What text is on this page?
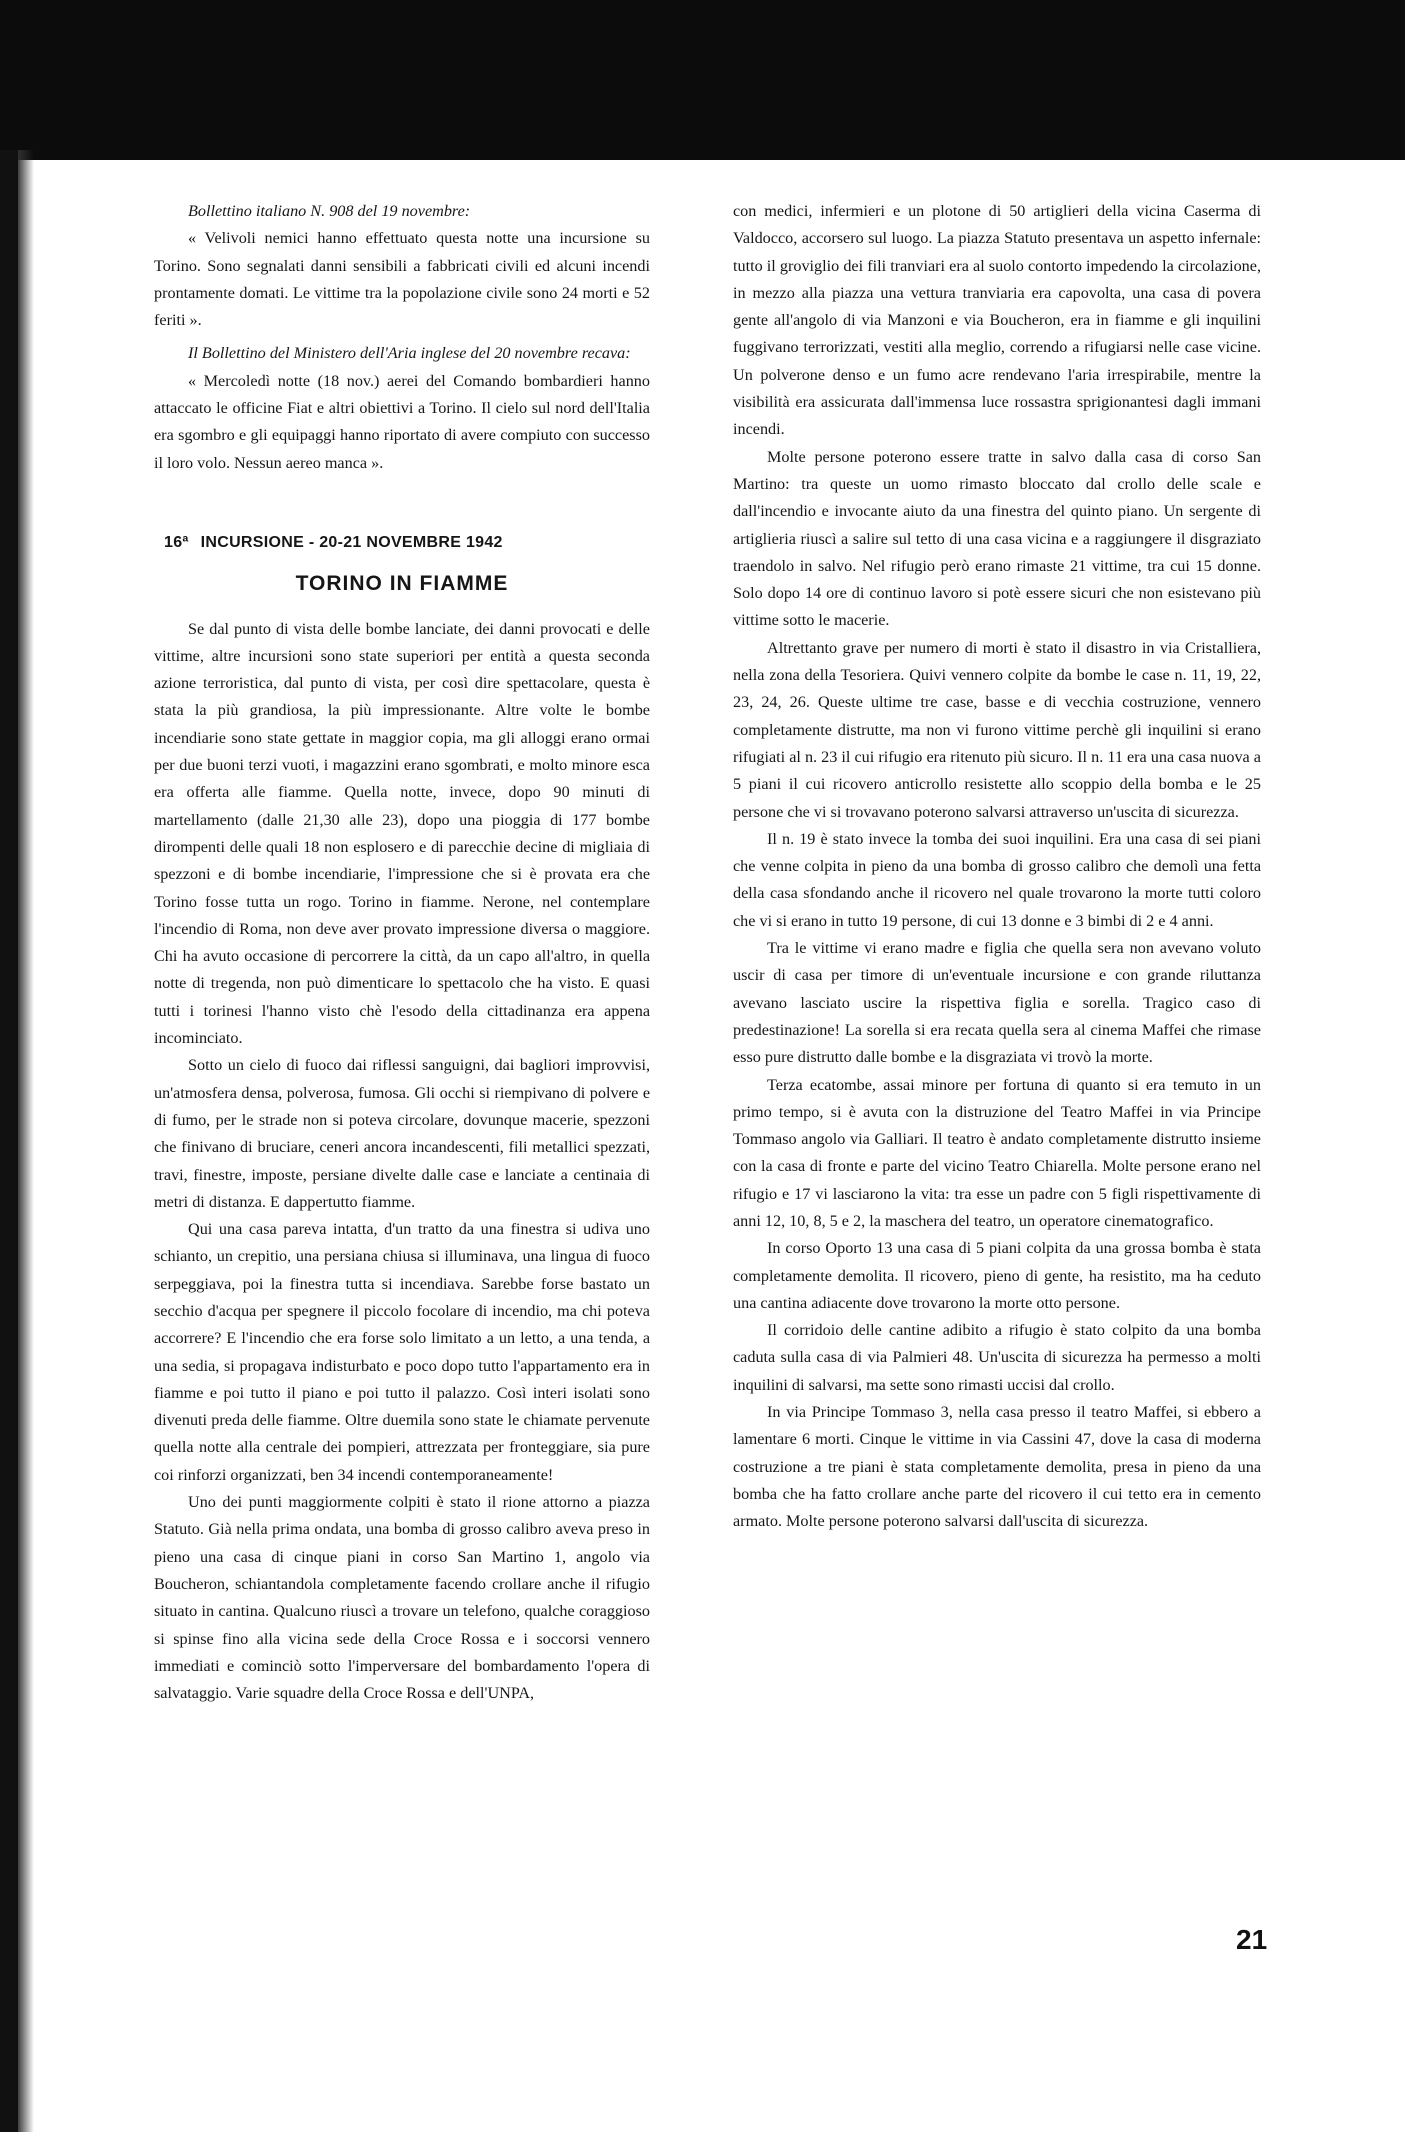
Bollettino italiano N. 908 del 19 novembre:

« Velivoli nemici hanno effettuato questa notte una incursione su Torino. Sono segnalati danni sensibili a fabbricati civili ed alcuni incendi prontamente domati. Le vittime tra la popolazione civile sono 24 morti e 52 feriti ».

Il Bollettino del Ministero dell'Aria inglese del 20 novembre recava:

« Mercoledì notte (18 nov.) aerei del Comando bombardieri hanno attaccato le officine Fiat e altri obiettivi a Torino. Il cielo sul nord dell'Italia era sgombro e gli equipaggi hanno riportato di avere compiuto con successo il loro volo. Nessun aereo manca ».

16ª INCURSIONE - 20-21 NOVEMBRE 1942
TORINO IN FIAMME

Se dal punto di vista delle bombe lanciate, dei danni provocati e delle vittime, altre incursioni sono state superiori per entità a questa seconda azione terroristica, dal punto di vista, per così dire spettacolare, questa è stata la più grandiosa, la più impressionante. Altre volte le bombe incendiarie sono state gettate in maggior copia, ma gli alloggi erano ormai per due buoni terzi vuoti, i magazzini erano sgombrati, e molto minore esca era offerta alle fiamme. Quella notte, invece, dopo 90 minuti di martellamento (dalle 21,30 alle 23), dopo una pioggia di 177 bombe dirompenti delle quali 18 non esplosero e di parecchie decine di migliaia di spezzoni e di bombe incendiarie, l'impressione che si è provata era che Torino fosse tutta un rogo. Torino in fiamme. Nerone, nel contemplare l'incendio di Roma, non deve aver provato impressione diversa o maggiore. Chi ha avuto occasione di percorrere la città, da un capo all'altro, in quella notte di tregenda, non può dimenticare lo spettacolo che ha visto. E quasi tutti i torinesi l'hanno visto chè l'esodo della cittadinanza era appena incominciato.

Sotto un cielo di fuoco dai riflessi sanguigni, dai bagliori improvvisi, un'atmosfera densa, polverosa, fumosa. Gli occhi si riempivano di polvere e di fumo, per le strade non si poteva circolare, dovunque macerie, spezzoni che finivano di bruciare, ceneri ancora incandescenti, fili metallici spezzati, travi, finestre, imposte, persiane divelte dalle case e lanciate a centinaia di metri di distanza. E dappertutto fiamme.

Qui una casa pareva intatta, d'un tratto da una finestra si udiva uno schianto, un crepitio, una persiana chiusa si illuminava, una lingua di fuoco serpeggiava, poi la finestra tutta si incendiava. Sarebbe forse bastato un secchio d'acqua per spegnere il piccolo focolare di incendio, ma chi poteva accorrere? E l'incendio che era forse solo limitato a un letto, a una tenda, a una sedia, si propagava indisturbato e poco dopo tutto l'appartamento era in fiamme e poi tutto il piano e poi tutto il palazzo. Così interi isolati sono divenuti preda delle fiamme. Oltre duemila sono state le chiamate pervenute quella notte alla centrale dei pompieri, attrezzata per fronteggiare, sia pure coi rinforzi organizzati, ben 34 incendi contemporaneamente!

Uno dei punti maggiormente colpiti è stato il rione attorno a piazza Statuto. Già nella prima ondata, una bomba di grosso calibro aveva preso in pieno una casa di cinque piani in corso San Martino 1, angolo via Boucheron, schiantandola completamente facendo crollare anche il rifugio situato in cantina. Qualcuno riuscì a trovare un telefono, qualche coraggioso si spinse fino alla vicina sede della Croce Rossa e i soccorsi vennero immediati e cominciò sotto l'imperversare del bombardamento l'opera di salvataggio. Varie squadre della Croce Rossa e dell'UNPA,

con medici, infermieri e un plotone di 50 artiglieri della vicina Caserma di Valdocco, accorsero sul luogo. La piazza Statuto presentava un aspetto infernale: tutto il groviglio dei fili tranviari era al suolo contorto impedendo la circolazione, in mezzo alla piazza una vettura tranviaria era capovolta, una casa di povera gente all'angolo di via Manzoni e via Boucheron, era in fiamme e gli inquilini fuggivano terrorizzati, vestiti alla meglio, correndo a rifugiarsi nelle case vicine. Un polverone denso e un fumo acre rendevano l'aria irrespirabile, mentre la visibilità era assicurata dall'immensa luce rossastra sprigionantesi dagli immani incendi.

Molte persone poterono essere tratte in salvo dalla casa di corso San Martino: tra queste un uomo rimasto bloccato dal crollo delle scale e dall'incendio e invocante aiuto da una finestra del quinto piano. Un sergente di artiglieria riuscì a salire sul tetto di una casa vicina e a raggiungere il disgraziato traendolo in salvo. Nel rifugio però erano rimaste 21 vittime, tra cui 15 donne. Solo dopo 14 ore di continuo lavoro si potè essere sicuri che non esistevano più vittime sotto le macerie.

Altrettanto grave per numero di morti è stato il disastro in via Cristalliera, nella zona della Tesoriera. Quivi vennero colpite da bombe le case n. 11, 19, 22, 23, 24, 26. Queste ultime tre case, basse e di vecchia costruzione, vennero completamente distrutte, ma non vi furono vittime perchè gli inquilini si erano rifugiati al n. 23 il cui rifugio era ritenuto più sicuro. Il n. 11 era una casa nuova a 5 piani il cui ricovero anticrollo resistette allo scoppio della bomba e le 25 persone che vi si trovavano poterono salvarsi attraverso un'uscita di sicurezza.

Il n. 19 è stato invece la tomba dei suoi inquilini. Era una casa di sei piani che venne colpita in pieno da una bomba di grosso calibro che demolì una fetta della casa sfondando anche il ricovero nel quale trovarono la morte tutti coloro che vi si erano in tutto 19 persone, di cui 13 donne e 3 bimbi di 2 e 4 anni.

Tra le vittime vi erano madre e figlia che quella sera non avevano voluto uscir di casa per timore di un'eventuale incursione e con grande riluttanza avevano lasciato uscire la rispettiva figlia e sorella. Tragico caso di predestinazione! La sorella si era recata quella sera al cinema Maffei che rimase esso pure distrutto dalle bombe e la disgraziata vi trovò la morte.

Terza ecatombe, assai minore per fortuna di quanto si era temuto in un primo tempo, si è avuta con la distruzione del Teatro Maffei in via Principe Tommaso angolo via Galliari. Il teatro è andato completamente distrutto insieme con la casa di fronte e parte del vicino Teatro Chiarella. Molte persone erano nel rifugio e 17 vi lasciarono la vita: tra esse un padre con 5 figli rispettivamente di anni 12, 10, 8, 5 e 2, la maschera del teatro, un operatore cinematografico.

In corso Oporto 13 una casa di 5 piani colpita da una grossa bomba è stata completamente demolita. Il ricovero, pieno di gente, ha resistito, ma ha ceduto una cantina adiacente dove trovarono la morte otto persone.

Il corridoio delle cantine adibito a rifugio è stato colpito da una bomba caduta sulla casa di via Palmieri 48. Un'uscita di sicurezza ha permesso a molti inquilini di salvarsi, ma sette sono rimasti uccisi dal crollo.

In via Principe Tommaso 3, nella casa presso il teatro Maffei, si ebbero a lamentare 6 morti. Cinque le vittime in via Cassini 47, dove la casa di moderna costruzione a tre piani è stata completamente demolita, presa in pieno da una bomba che ha fatto crollare anche parte del ricovero il cui tetto era in cemento armato. Molte persone poterono salvarsi dall'uscita di sicurezza.

21
